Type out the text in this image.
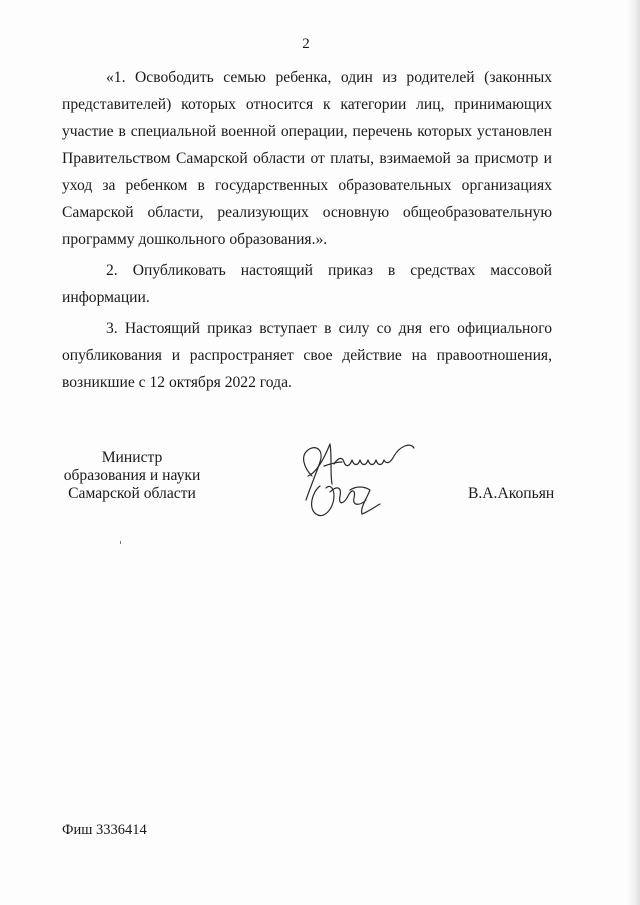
2

«1. Освободить семью ребенка, один из родителей (законных представителей) которых относится к категории лиц, принимающих участие в специальной военной операции, перечень которых установлен Правительством Самарской области от платы, взимаемой за присмотр и уход за ребенком в государственных образовательных организациях Самарской области, реализующих основную общеобразовательную программу дошкольного образования.».

2. Опубликовать настоящий приказ в средствах массовой информации.

3. Настоящий приказ вступает в силу со дня его официального опубликования и распространяет свое действие на правоотношения, возникшие с 12 октября 2022 года.

Министр
образования и науки
Самарской области	В.А.Акопьян
Фиш 3336414
